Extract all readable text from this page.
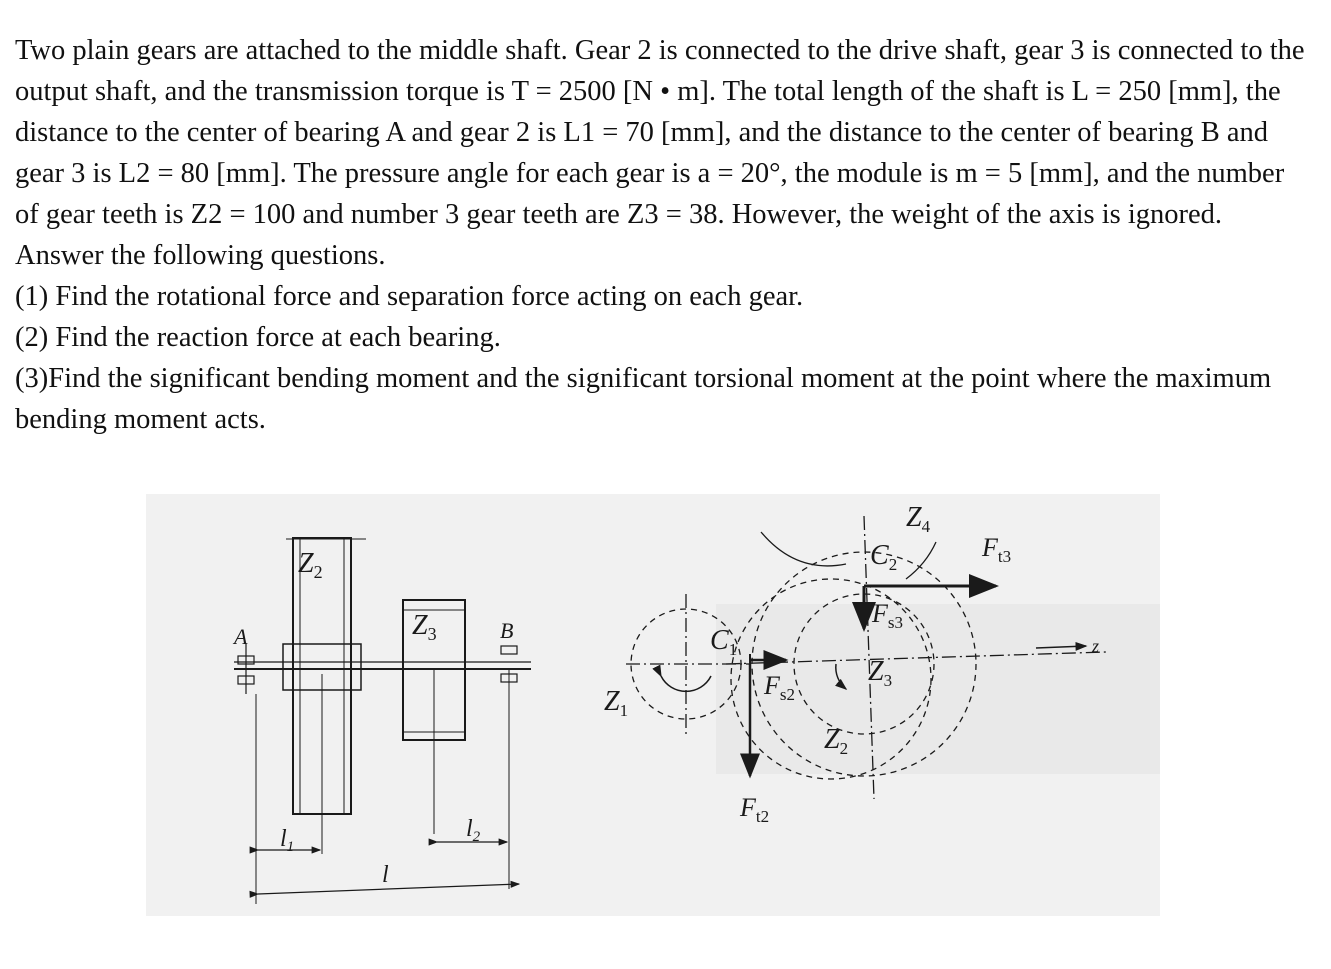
Two plain gears are attached to the middle shaft. Gear 2 is connected to the drive shaft, gear 3 is connected to the output shaft, and the transmission torque is T = 2500 [N • m]. The total length of the shaft is L = 250 [mm], the distance to the center of bearing A and gear 2 is L1 = 70 [mm], and the distance to the center of bearing B and gear 3 is L2 = 80 [mm]. The pressure angle for each gear is a = 20°, the module is m = 5 [mm], and the number of gear teeth is Z2 = 100 and number 3 gear teeth are Z3 = 38. However, the weight of the axis is ignored.

Answer the following questions.

(1) Find the rotational force and separation force acting on each gear.

(2) Find the reaction force at each bearing.

(3)Find the significant bending moment and the significant torsional moment at the point where the maximum bending moment acts.

$Z_2$
$Z_3$
A	B
$l_1$
$l_2$
l
$Z_1$
$C_1$
$F_{s2}$
$F_{t2}$
$Z_2$
$Z_4$
$C_2$
$F_{t3}$
$F_{s3}$
$Z_3$
z
